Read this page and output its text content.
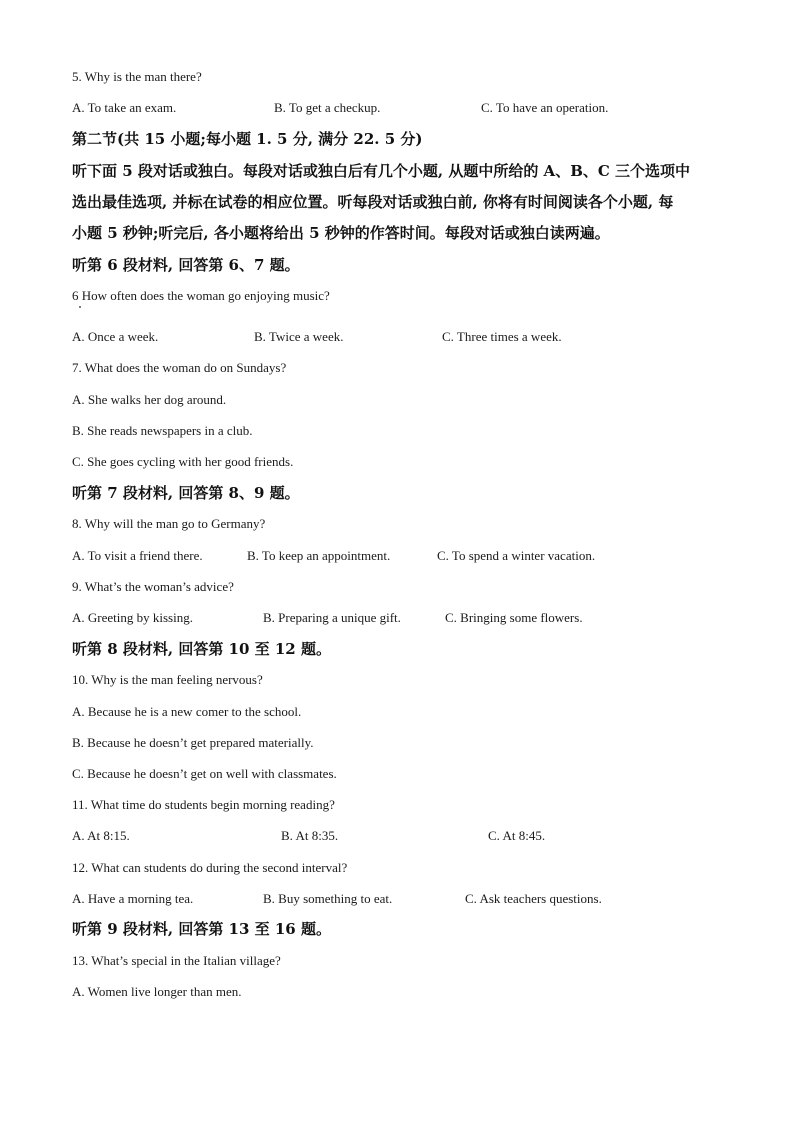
5. Why is the man there?
A. To take an exam.	B. To get a checkup.	C. To have an operation.
第二节(共 15 小题;每小题 1. 5 分, 满分 22. 5 分)
听下面 5 段对话或独白。每段对话或独白后有几个小题, 从题中所给的 A、B、C 三个选项中
选出最佳选项, 并标在试卷的相应位置。听每段对话或独白前, 你将有时间阅读各个小题, 每
小题 5 秒钟;听完后, 各小题将给出 5 秒钟的作答时间。每段对话或独白读两遍。
听第 6 段材料, 回答第 6、7 题。
6 How often does the woman go enjoying music?
A. Once a week.	B. Twice a week.	C. Three times a week.
7. What does the woman do on Sundays?
A. She walks her dog around.
B. She reads newspapers in a club.
C. She goes cycling with her good friends.
听第 7 段材料, 回答第 8、9 题。
8. Why will the man go to Germany?
A. To visit a friend there.	B. To keep an appointment.	C. To spend a winter vacation.
9. What’s the woman’s advice?
A. Greeting by kissing.	B. Preparing a unique gift.	C. Bringing some flowers.
听第 8 段材料, 回答第 10 至 12 题。
10. Why is the man feeling nervous?
A. Because he is a new comer to the school.
B. Because he doesn’t get prepared materially.
C. Because he doesn’t get on well with classmates.
11. What time do students begin morning reading?
A. At 8:15.	B. At 8:35.	C. At 8:45.
12. What can students do during the second interval?
A. Have a morning tea.	B. Buy something to eat.	C. Ask teachers questions.
听第 9 段材料, 回答第 13 至 16 题。
13. What’s special in the Italian village?
A. Women live longer than men.
